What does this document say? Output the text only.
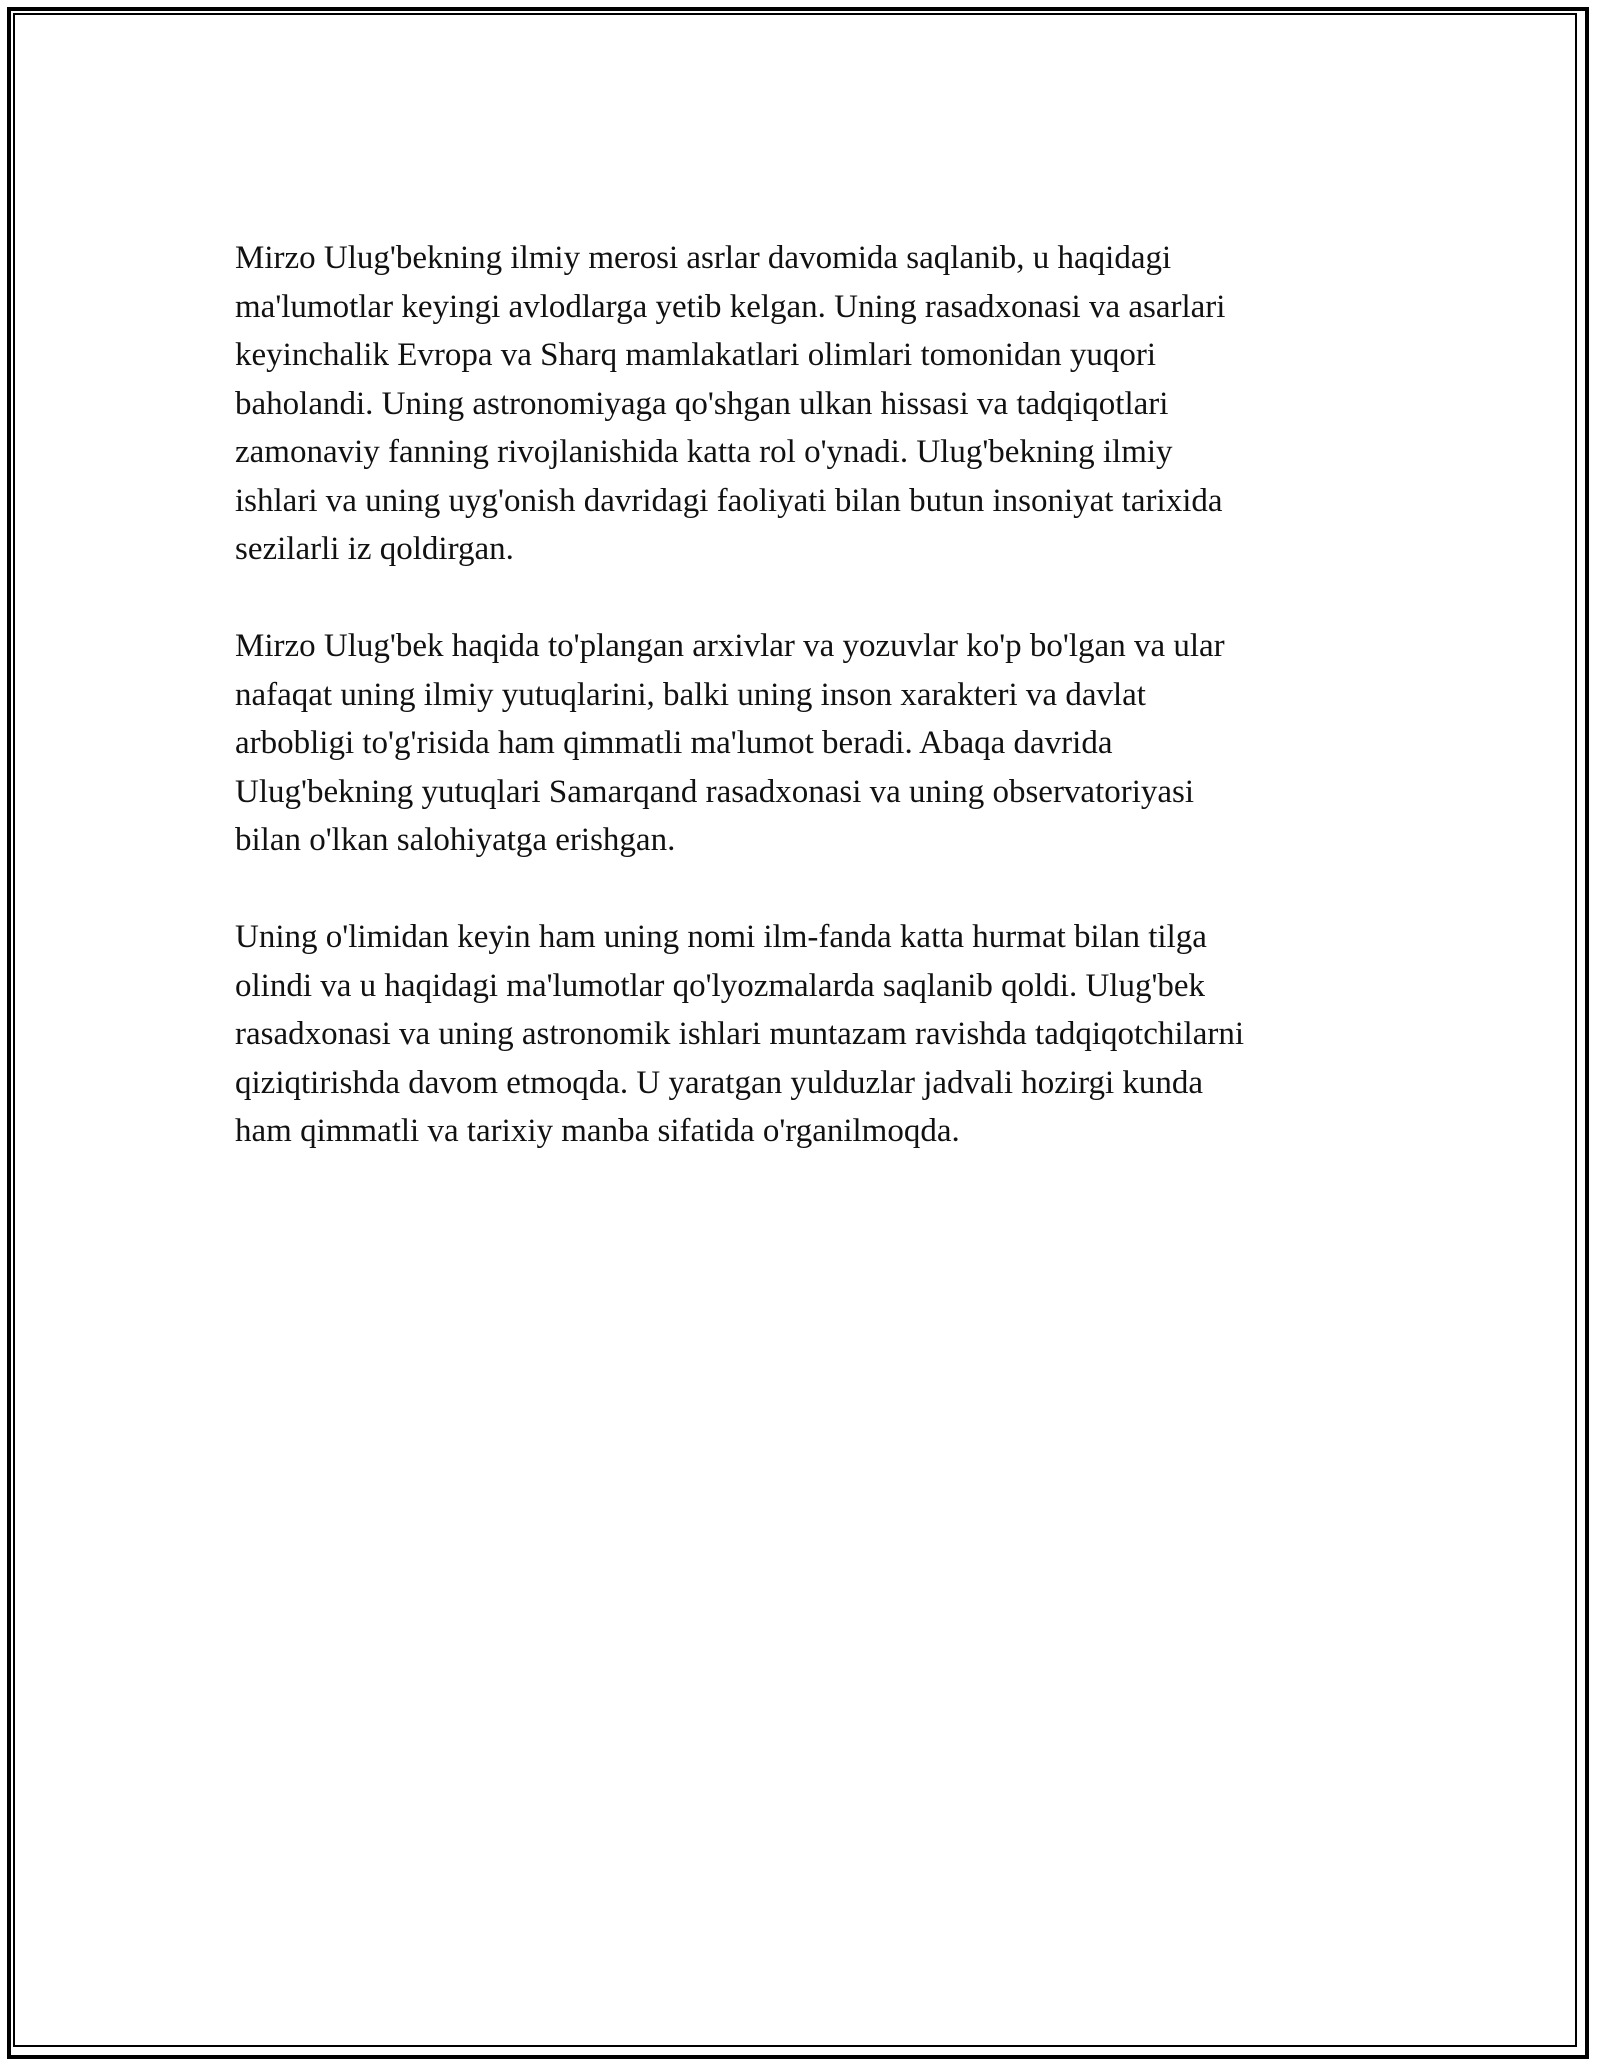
Mirzo Ulug'bekning ilmiy merosi asrlar davomida saqlanib, u haqidagi
ma'lumotlar keyingi avlodlarga yetib kelgan. Uning rasadxonasi va asarlari
keyinchalik Evropa va Sharq mamlakatlari olimlari tomonidan yuqori
baholandi. Uning astronomiyaga qo'shgan ulkan hissasi va tadqiqotlari
zamonaviy fanning rivojlanishida katta rol o'ynadi. Ulug'bekning ilmiy
ishlari va uning uyg'onish davridagi faoliyati bilan butun insoniyat tarixida
sezilarli iz qoldirgan.

Mirzo Ulug'bek haqida to'plangan arxivlar va yozuvlar ko'p bo'lgan va ular
nafaqat uning ilmiy yutuqlarini, balki uning inson xarakteri va davlat
arbobligi to'g'risida ham qimmatli ma'lumot beradi. Abaqa davrida
Ulug'bekning yutuqlari Samarqand rasadxonasi va uning observatoriyasi
bilan o'lkan salohiyatga erishgan.

Uning o'limidan keyin ham uning nomi ilm-fanda katta hurmat bilan tilga
olindi va u haqidagi ma'lumotlar qo'lyozmalarda saqlanib qoldi. Ulug'bek
rasadxonasi va uning astronomik ishlari muntazam ravishda tadqiqotchilarni
qiziqtirishda davom etmoqda. U yaratgan yulduzlar jadvali hozirgi kunda
ham qimmatli va tarixiy manba sifatida o'rganilmoqda.
